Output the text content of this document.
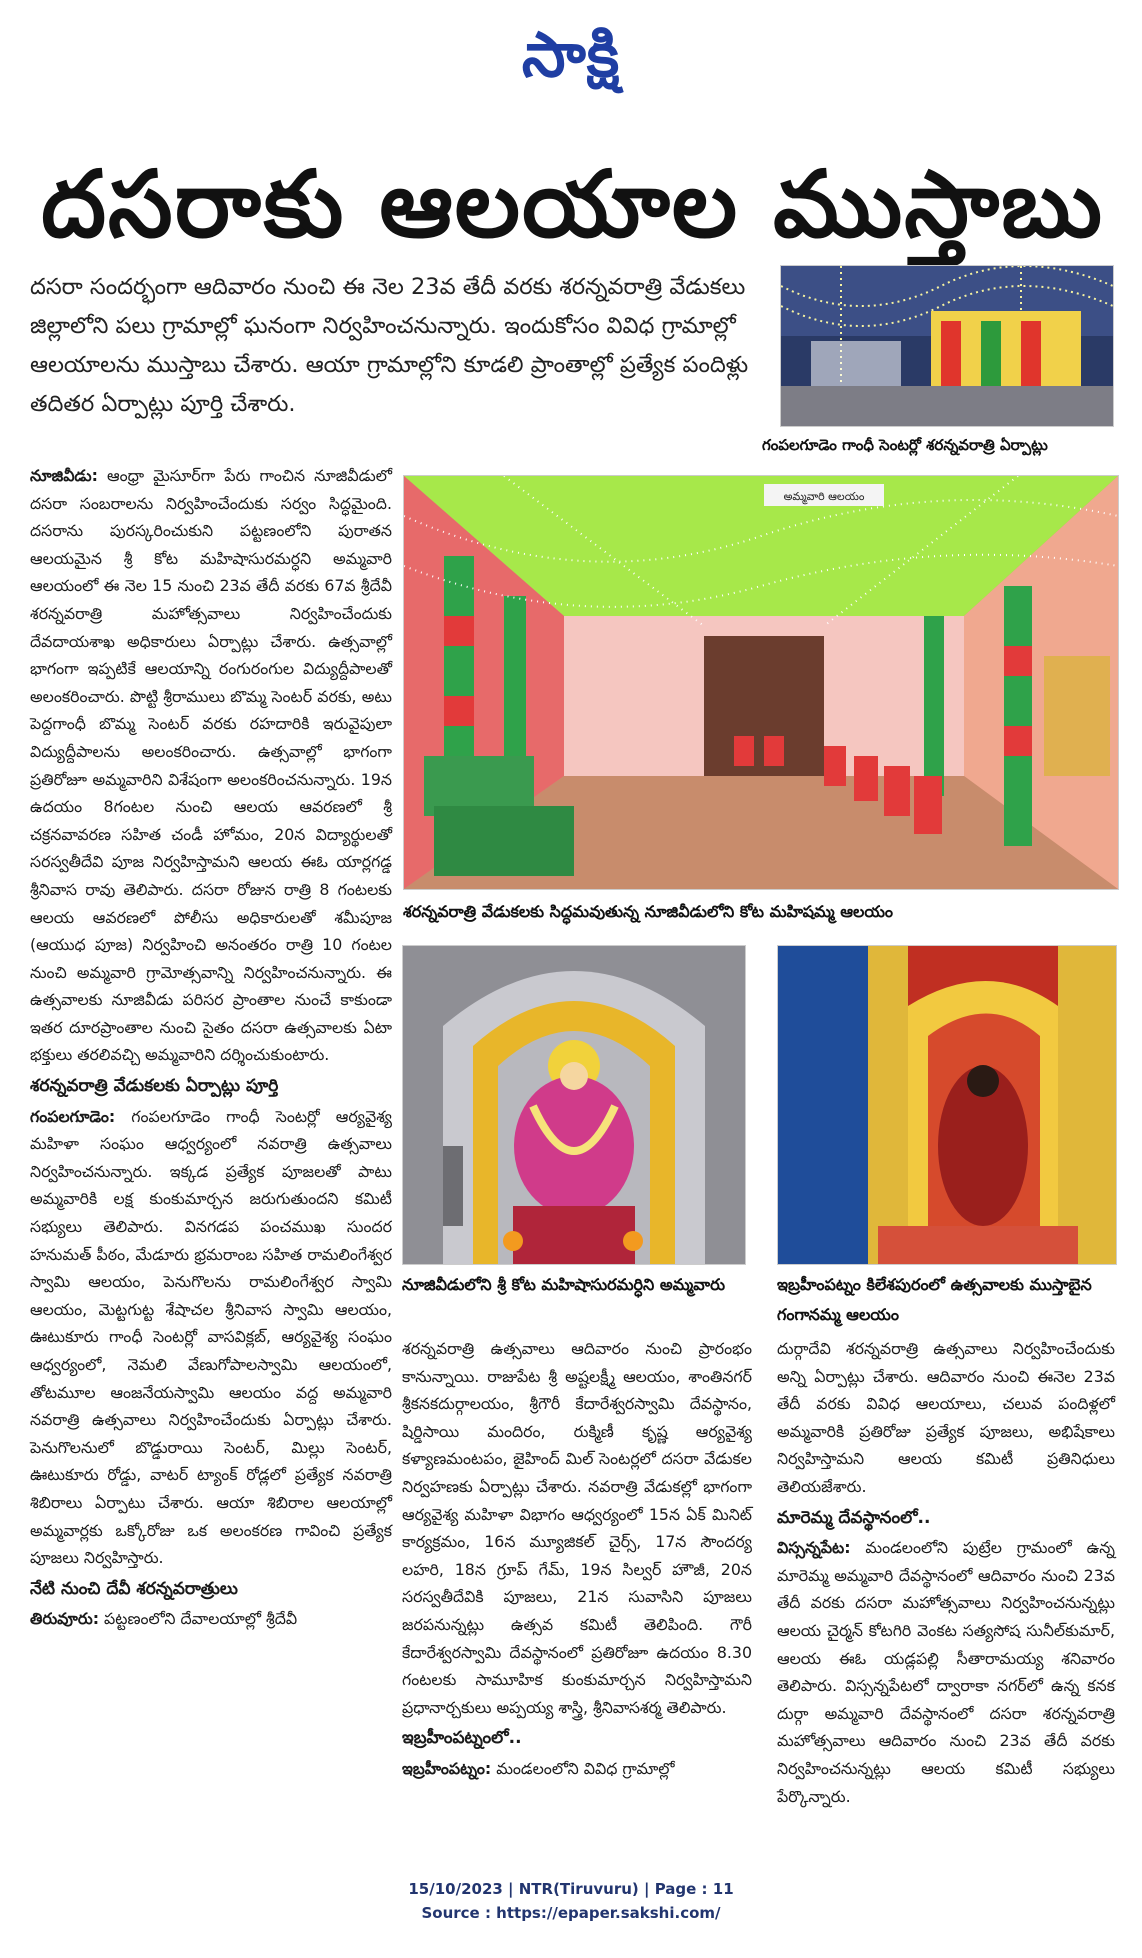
సాక్షి
దసరాకు ఆలయాల ముస్తాబు
దసరా సందర్భంగా ఆదివారం నుంచి ఈ నెల 23వ తేదీ వరకు శరన్నవరాత్రి వేడుకలు జిల్లాలోని పలు గ్రామాల్లో ఘనంగా నిర్వహించనున్నారు. ఇందుకోసం వివిధ గ్రామాల్లో ఆలయాలను ముస్తాబు చేశారు. ఆయా గ్రామాల్లోని కూడలి ప్రాంతాల్లో ప్రత్యేక పందిళ్లు తదితర ఏర్పాట్లు పూర్తి చేశారు.
గంపలగూడెం గాంధీ సెంటర్లో శరన్నవరాత్రి ఏర్పాట్లు
అమ్మవారి ఆలయం
శరన్నవరాత్రి వేడుకలకు సిద్ధమవుతున్న నూజివీడులోని కోట మహిషమ్మ ఆలయం
నూజివీడులోని శ్రీ కోట మహిషాసురమర్ధిని అమ్మవారు	ఇబ్రహీంపట్నం కిలేశపురంలో ఉత్సవాలకు ముస్తాబైన గంగానమ్మ ఆలయం

నూజివీడు: ఆంధ్రా మైసూర్‌గా పేరు గాంచిన నూజివీడులో దసరా సంబరాలను నిర్వహించేందుకు సర్వం సిద్ధమైంది. దసరాను పురస్కరించుకుని పట్టణంలోని పురాతన ఆలయమైన శ్రీ కోట మహిషాసురమర్ధని అమ్మవారి ఆలయంలో ఈ నెల 15 నుంచి 23వ తేదీ వరకు 67వ శ్రీదేవీ శరన్నవరాత్రి మహోత్సవాలు నిర్వహించేందుకు దేవదాయశాఖ అధికారులు ఏర్పాట్లు చేశారు. ఉత్సవాల్లో భాగంగా ఇప్పటికే ఆలయాన్ని రంగురంగుల విద్యుద్దీపాలతో అలంకరించారు. పొట్టి శ్రీరాములు బొమ్మ సెంటర్ వరకు, అటు పెద్దగాంధీ బొమ్మ సెంటర్ వరకు రహదారికి ఇరువైపులా విద్యుద్దీపాలను అలంకరించారు. ఉత్సవాల్లో భాగంగా ప్రతిరోజూ అమ్మవారిని విశేషంగా అలంకరించనున్నారు. 19న ఉదయం 8గంటల నుంచి ఆలయ ఆవరణలో శ్రీ చక్రనవావరణ సహిత చండీ హోమం, 20న విద్యార్థులతో సరస్వతీదేవి పూజ నిర్వహిస్తామని ఆలయ ఈఓ యార్లగడ్డ శ్రీనివాస రావు తెలిపారు. దసరా రోజున రాత్రి 8 గంటలకు ఆలయ ఆవరణలో పోలీసు అధికారులతో శమీపూజ (ఆయుధ పూజ) నిర్వహించి అనంతరం రాత్రి 10 గంటల నుంచి అమ్మవారి గ్రామోత్సవాన్ని నిర్వహించనున్నారు. ఈ ఉత్సవాలకు నూజివీడు పరిసర ప్రాంతాల నుంచే కాకుండా ఇతర దూరప్రాంతాల నుంచి సైతం దసరా ఉత్సవాలకు ఏటా భక్తులు తరలివచ్చి అమ్మవారిని దర్శించుకుంటారు.

శరన్నవరాత్రి వేడుకలకు ఏర్పాట్లు పూర్తి

గంపలగూడెం: గంపలగూడెం గాంధీ సెంటర్లో ఆర్యవైశ్య మహిళా సంఘం ఆధ్వర్యంలో నవరాత్రి ఉత్సవాలు నిర్వహించనున్నారు. ఇక్కడ ప్రత్యేక పూజలతో పాటు అమ్మవారికి లక్ష కుంకుమార్చన జరుగుతుందని కమిటీ సభ్యులు తెలిపారు. వినగడప పంచముఖ సుందర హనుమత్ పీఠం, మేడూరు భ్రమరాంబ సహిత రామలింగేశ్వర స్వామి ఆలయం, పెనుగొలను రామలింగేశ్వర స్వామి ఆలయం, మెట్టగుట్ట శేషాచల శ్రీనివాస స్వామి ఆలయం, ఊటుకూరు గాంధీ సెంటర్లో వాసవిక్లబ్, ఆర్యవైశ్య సంఘం ఆధ్వర్యంలో, నెమలి వేణుగోపాలస్వామి ఆలయంలో, తోటమూల ఆంజనేయస్వామి ఆలయం వద్ద అమ్మవారి నవరాత్రి ఉత్సవాలు నిర్వహించేందుకు ఏర్పాట్లు చేశారు. పెనుగొలనులో బొడ్డురాయి సెంటర్, మిల్లు సెంటర్, ఊటుకూరు రోడ్డు, వాటర్ ట్యాంక్ రోడ్లలో ప్రత్యేక నవరాత్రి శిబిరాలు ఏర్పాటు చేశారు. ఆయా శిబిరాల ఆలయాల్లో అమ్మవార్లకు ఒక్కోరోజు ఒక అలంకరణ గావించి ప్రత్యేక పూజలు నిర్వహిస్తారు.

నేటి నుంచి దేవీ శరన్నవరాత్రులు

తిరువూరు: పట్టణంలోని దేవాలయాల్లో శ్రీదేవీ

శరన్నవరాత్రి ఉత్సవాలు ఆదివారం నుంచి ప్రారంభం కానున్నాయి. రాజుపేట శ్రీ అష్టలక్ష్మీ ఆలయం, శాంతినగర్ శ్రీకనకదుర్గాలయం, శ్రీగౌరీ కేదారేశ్వరస్వామి దేవస్థానం, షిర్డిసాయి మందిరం, రుక్మిణీ కృష్ణ ఆర్యవైశ్య కళ్యాణమంటపం, జైహింద్ మిల్ సెంటర్లలో దసరా వేడుకల నిర్వహణకు ఏర్పాట్లు చేశారు. నవరాత్రి వేడుకల్లో భాగంగా ఆర్యవైశ్య మహిళా విభాగం ఆధ్వర్యంలో 15న ఏక్ మినిట్ కార్యక్రమం, 16న మ్యూజికల్ చైర్స్, 17న సౌందర్య లహరి, 18న గ్రూప్ గేమ్, 19న సిల్వర్ హౌజీ, 20న సరస్వతీదేవికి పూజలు, 21న సువాసిని పూజలు జరపనున్నట్లు ఉత్సవ కమిటీ తెలిపింది. గౌరీ కేదారేశ్వరస్వామి దేవస్థానంలో ప్రతిరోజూ ఉదయం 8.30 గంటలకు సామూహిక కుంకుమార్చన నిర్వహిస్తామని ప్రధానార్చకులు అప్పయ్య శాస్త్రి, శ్రీనివాసశర్మ తెలిపారు.

ఇబ్రహీంపట్నంలో..

ఇబ్రహీంపట్నం: మండలంలోని వివిధ గ్రామాల్లో

దుర్గాదేవి శరన్నవరాత్రి ఉత్సవాలు నిర్వహించేందుకు అన్ని ఏర్పాట్లు చేశారు. ఆదివారం నుంచి ఈనెల 23వ తేదీ వరకు వివిధ ఆలయాలు, చలువ పందిళ్లలో అమ్మవారికి ప్రతిరోజు ప్రత్యేక పూజలు, అభిషేకాలు నిర్వహిస్తామని ఆలయ కమిటీ ప్రతినిధులు తెలియజేశారు.

మారెమ్మ దేవస్థానంలో..

విస్సన్నపేట: మండలంలోని పుట్రేల గ్రామంలో ఉన్న మారెమ్మ అమ్మవారి దేవస్థానంలో ఆదివారం నుంచి 23వ తేదీ వరకు దసరా మహోత్సవాలు నిర్వహించనున్నట్లు ఆలయ చైర్మన్ కోటగిరి వెంకట సత్యసోష సునీల్‌కుమార్, ఆలయ ఈఓ యడ్లపల్లి సీతారామయ్య శనివారం తెలిపారు. విస్సన్నపేటలో ద్వారాకా నగర్‌లో ఉన్న కనక దుర్గా అమ్మవారి దేవస్థానంలో దసరా శరన్నవరాత్రి మహోత్సవాలు ఆదివారం నుంచి 23వ తేదీ వరకు నిర్వహించనున్నట్లు ఆలయ కమిటీ సభ్యులు పేర్కొన్నారు.

15/10/2023 | NTR(Tiruvuru) | Page : 11
Source : https://epaper.sakshi.com/
